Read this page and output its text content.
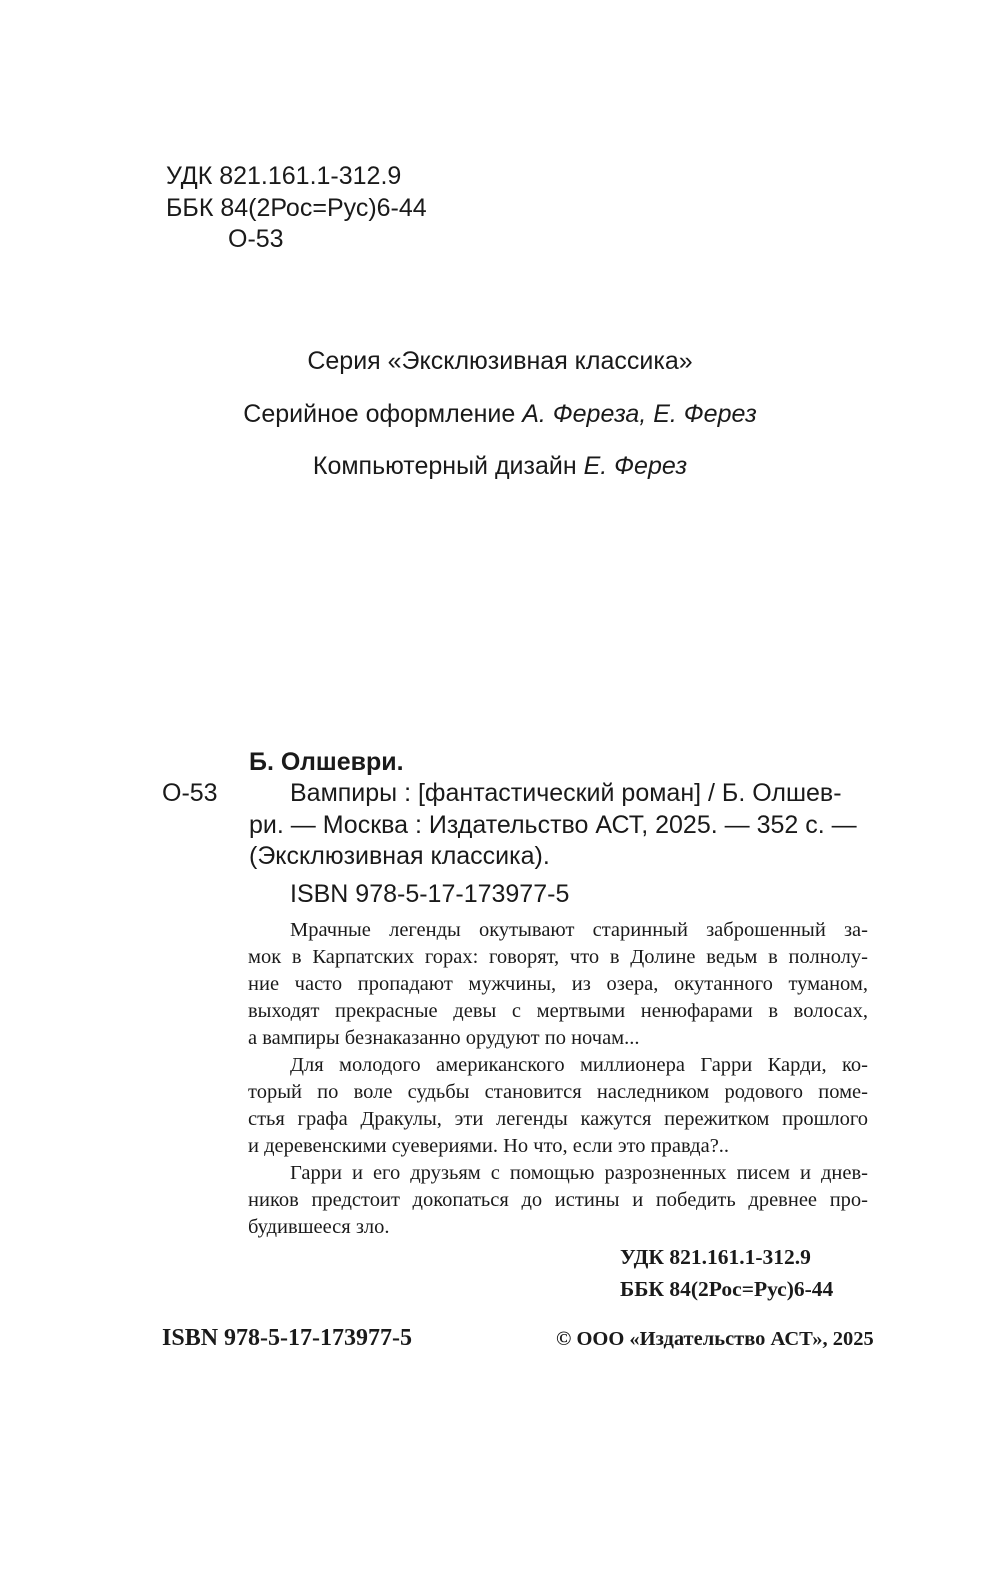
УДК 821.161.1-312.9
ББК 84(2Рос=Рус)6-44
О-53
Серия «Эксклюзивная классика»
Серийное оформление А. Фереза, Е. Ферез
Компьютерный дизайн Е. Ферез
Б. Олшеври.
О-53	Вампиры : [фантастический роман] / Б. Олшев-
ри. — Москва : Издательство АСТ, 2025. — 352 с. —
(Эксклюзивная классика).
ISBN 978-5-17-173977-5

Мрачные легенды окутывают старинный заброшенный за-

мок в Карпатских горах: говорят, что в Долине ведьм в полнолу-

ние часто пропадают мужчины, из озера, окутанного туманом,

выходят прекрасные девы с мертвыми ненюфарами в волосах,

а вампиры безнаказанно орудуют по ночам...

Для молодого американского миллионера Гарри Карди, ко-

торый по воле судьбы становится наследником родового поме-

стья графа Дракулы, эти легенды кажутся пережитком прошлого

и деревенскими суевериями. Но что, если это правда?..

Гарри и его друзьям с помощью разрозненных писем и днев-

ников предстоит докопаться до истины и победить древнее про-

будившееся зло.

УДК 821.161.1-312.9
ББК 84(2Рос=Рус)6-44
ISBN 978-5-17-173977-5	© ООО «Издательство АСТ», 2025
